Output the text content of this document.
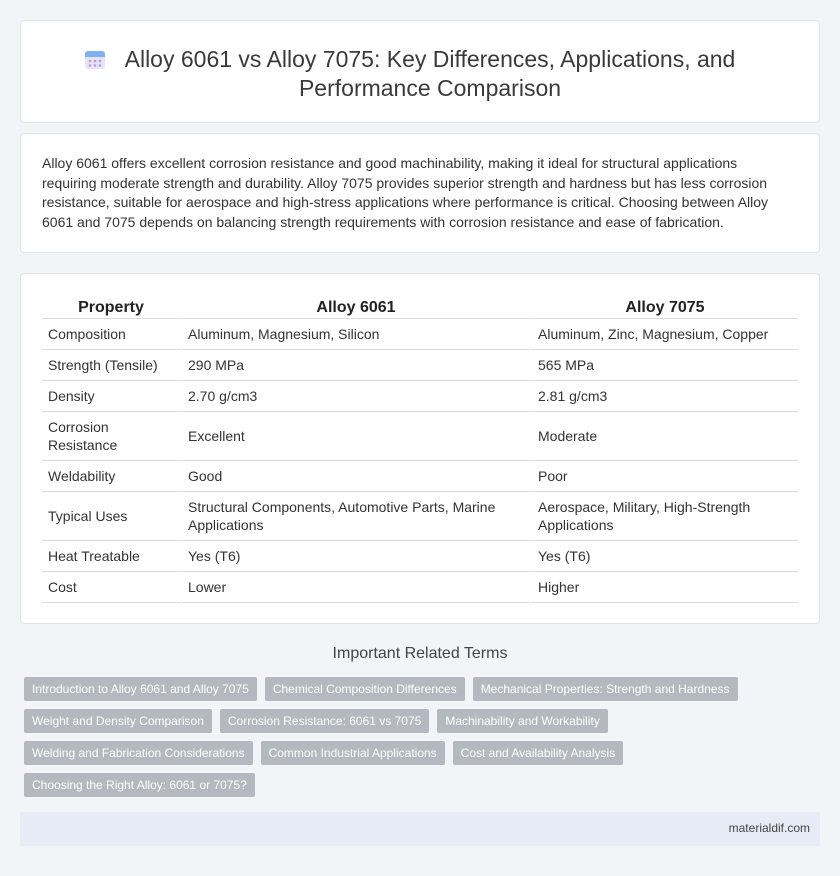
Alloy 6061 vs Alloy 7075: Key Differences, Applications, and Performance Comparison

Alloy 6061 offers excellent corrosion resistance and good machinability, making it ideal for structural applications requiring moderate strength and durability. Alloy 7075 provides superior strength and hardness but has less corrosion resistance, suitable for aerospace and high-stress applications where performance is critical. Choosing between Alloy 6061 and 7075 depends on balancing strength requirements with corrosion resistance and ease of fabrication.

Property	Alloy 6061	Alloy 7075
Composition	Aluminum, Magnesium, Silicon	Aluminum, Zinc, Magnesium, Copper
Strength (Tensile)	290 MPa	565 MPa
Density	2.70 g/cm3	2.81 g/cm3
Corrosion Resistance	Excellent	Moderate
Weldability	Good	Poor
Typical Uses	Structural Components, Automotive Parts, Marine Applications	Aerospace, Military, High-Strength Applications
Heat Treatable	Yes (T6)	Yes (T6)
Cost	Lower	Higher
Important Related Terms
Introduction to Alloy 6061 and Alloy 7075	Chemical Composition Differences	Mechanical Properties: Strength and Hardness
Weight and Density Comparison	Corrosion Resistance: 6061 vs 7075	Machinability and Workability
Welding and Fabrication Considerations	Common Industrial Applications	Cost and Availability Analysis
Choosing the Right Alloy: 6061 or 7075?
materialdif.com
